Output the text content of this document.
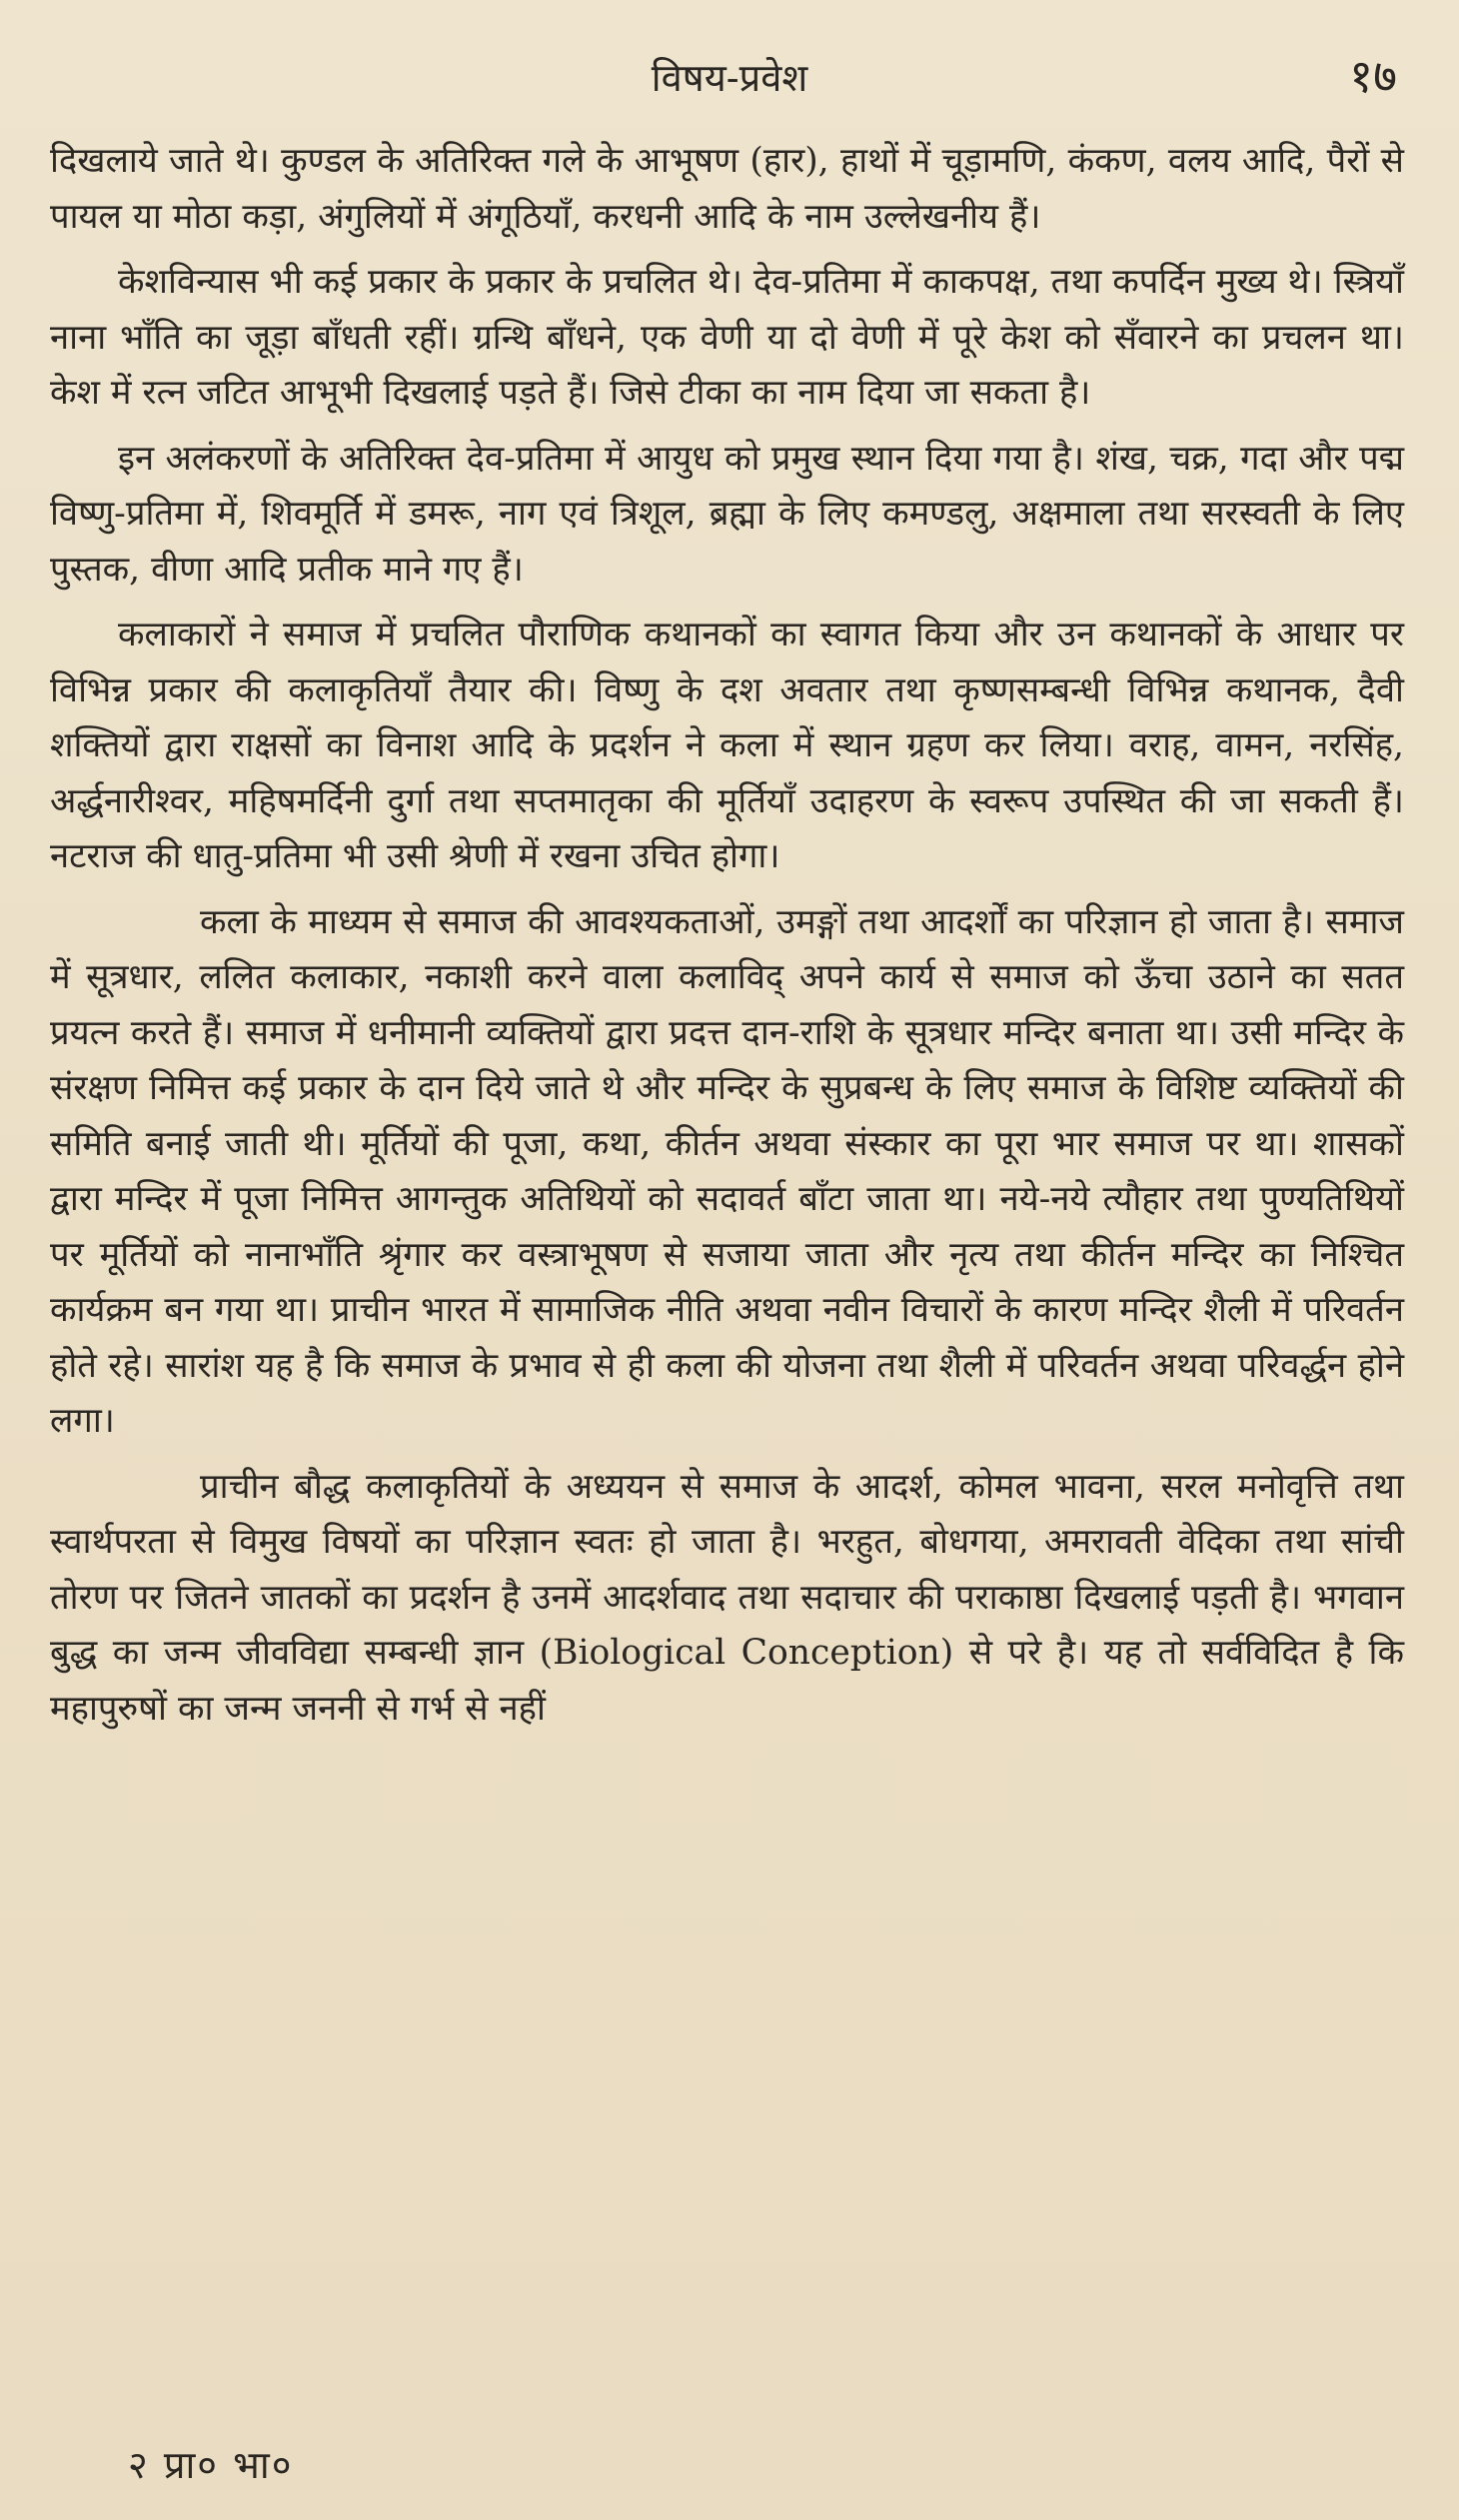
विषय-प्रवेश	१७

दिखलाये जाते थे। कुण्डल के अतिरिक्त गले के आभूषण (हार), हाथों में चूड़ामणि, कंकण, वलय आदि, पैरों से पायल या मोठा कड़ा, अंगुलियों में अंगूठियाँ, करधनी आदि के नाम उल्लेखनीय हैं।

केशविन्यास भी कई प्रकार के प्रकार के प्रचलित थे। देव-प्रतिमा में काकपक्ष, तथा कपर्दिन मुख्य थे। स्त्रियाँ नाना भाँति का जूड़ा बाँधती रहीं। ग्रन्थि बाँधने, एक वेणी या दो वेणी में पूरे केश को सँवारने का प्रचलन था। केश में रत्न जटित आभूभी दिखलाई पड़ते हैं। जिसे टीका का नाम दिया जा सकता है।

इन अलंकरणों के अतिरिक्त देव-प्रतिमा में आयुध को प्रमुख स्थान दिया गया है। शंख, चक्र, गदा और पद्म विष्णु-प्रतिमा में, शिवमूर्ति में डमरू, नाग एवं त्रिशूल, ब्रह्मा के लिए कमण्डलु, अक्षमाला तथा सरस्वती के लिए पुस्तक, वीणा आदि प्रतीक माने गए हैं।

कलाकारों ने समाज में प्रचलित पौराणिक कथानकों का स्वागत किया और उन कथानकों के आधार पर विभिन्न प्रकार की कलाकृतियाँ तैयार की। विष्णु के दश अवतार तथा कृष्णसम्बन्धी विभिन्न कथानक, दैवी शक्तियों द्वारा राक्षसों का विनाश आदि के प्रदर्शन ने कला में स्थान ग्रहण कर लिया। वराह, वामन, नरसिंह, अर्द्धनारीश्वर, महिषमर्दिनी दुर्गा तथा सप्तमातृका की मूर्तियाँ उदाहरण के स्वरूप उपस्थित की जा सकती हैं। नटराज की धातु-प्रतिमा भी उसी श्रेणी में रखना उचित होगा।

कला के माध्यम से समाज की आवश्यकताओं, उमङ्गों तथा आदर्शों का परिज्ञान हो जाता है। समाज में सूत्रधार, ललित कलाकार, नकाशी करने वाला कलाविद् अपने कार्य से समाज को ऊँचा उठाने का सतत प्रयत्न करते हैं। समाज में धनीमानी व्यक्तियों द्वारा प्रदत्त दान-राशि के सूत्रधार मन्दिर बनाता था। उसी मन्दिर के संरक्षण निमित्त कई प्रकार के दान दिये जाते थे और मन्दिर के सुप्रबन्ध के लिए समाज के विशिष्ट व्यक्तियों की समिति बनाई जाती थी। मूर्तियों की पूजा, कथा, कीर्तन अथवा संस्कार का पूरा भार समाज पर था। शासकों द्वारा मन्दिर में पूजा निमित्त आगन्तुक अतिथियों को सदावर्त बाँटा जाता था। नये-नये त्यौहार तथा पुण्यतिथियों पर मूर्तियों को नानाभाँति श्रृंगार कर वस्त्राभूषण से सजाया जाता और नृत्य तथा कीर्तन मन्दिर का निश्चित कार्यक्रम बन गया था। प्राचीन भारत में सामाजिक नीति अथवा नवीन विचारों के कारण मन्दिर शैली में परिवर्तन होते रहे। सारांश यह है कि समाज के प्रभाव से ही कला की योजना तथा शैली में परिवर्तन अथवा परिवर्द्धन होने लगा।

प्राचीन बौद्ध कलाकृतियों के अध्ययन से समाज के आदर्श, कोमल भावना, सरल मनोवृत्ति तथा स्वार्थपरता से विमुख विषयों का परिज्ञान स्वतः हो जाता है। भरहुत, बोधगया, अमरावती वेदिका तथा सांची तोरण पर जितने जातकों का प्रदर्शन है उनमें आदर्शवाद तथा सदाचार की पराकाष्ठा दिखलाई पड़ती है। भगवान बुद्ध का जन्म जीवविद्या सम्बन्धी ज्ञान (Biological Conception) से परे है। यह तो सर्वविदित है कि महापुरुषों का जन्म जननी से गर्भ से नहीं

२ प्रा० भा०
